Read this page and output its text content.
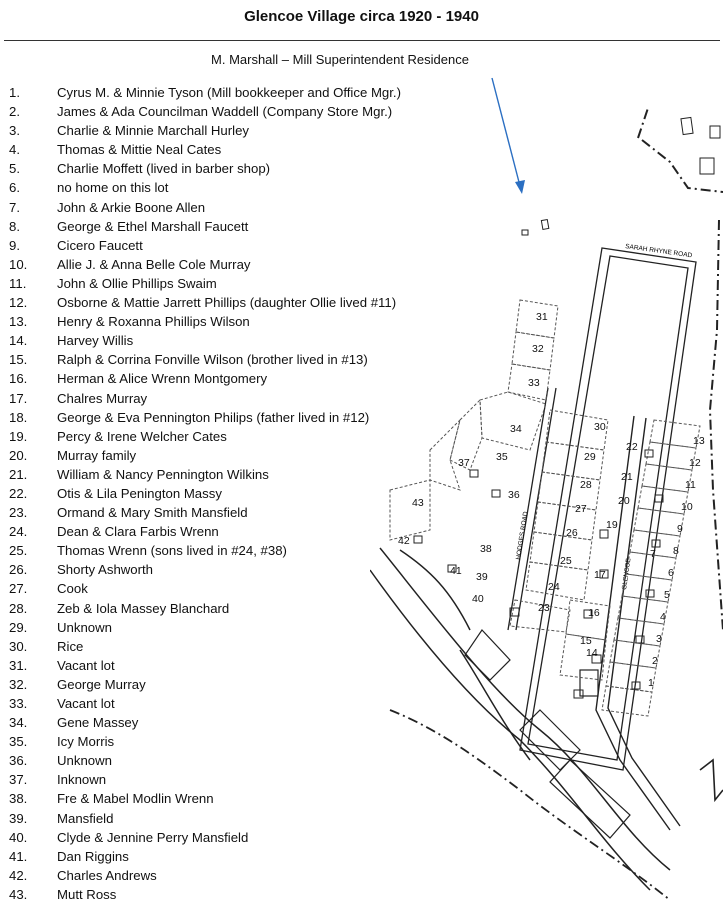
Glencoe Village circa 1920 - 1940
M. Marshall – Mill Superintendent Residence
1.	Cyrus M. & Minnie Tyson (Mill bookkeeper and Office Mgr.)
2.	James & Ada Councilman Waddell (Company Store Mgr.)
3.	Charlie & Minnie Marchall Hurley
4.	Thomas & Mittie Neal Cates
5.	Charlie Moffett (lived in barber shop)
6.	no home on this lot
7.	John & Arkie Boone Allen
8.	George & Ethel Marshall Faucett
9.	Cicero Faucett
10. Allie J. & Anna Belle Cole Murray
11. John & Ollie Phillips Swaim
12. Osborne & Mattie Jarrett Phillips (daughter Ollie lived #11)
13. Henry & Roxanna Phillips Wilson
14. Harvey Willis
15. Ralph & Corrina Fonville Wilson (brother lived in #13)
16. Herman & Alice Wrenn Montgomery
17. Chalres Murray
18. George & Eva Pennington Philips (father lived in #12)
19. Percy & Irene Welcher Cates
20. Murray family
21. William & Nancy Pennington Wilkins
22. Otis & Lila Penington Massy
23. Ormand & Mary Smith Mansfield
24. Dean & Clara Farbis Wrenn
25. Thomas Wrenn (sons lived in #24, #38)
26. Shorty Ashworth
27. Cook
28. Zeb & Iola Massey Blanchard
29. Unknown
30. Rice
31. Vacant lot
32. George Murray
33. Vacant lot
34. Gene Massey
35. Icy Morris
36. Unknown
37. Inknown
38. Fre & Mabel Modlin Wrenn
39. Mansfield
40. Clyde & Jennine Perry Mansfield
41. Dan Riggins
42. Charles Andrews
43. Mutt Ross
SARAH RHYNE ROAD
HODGES ROAD
GLENCOE
1
2
3
4
5
6
7 8
9
10
11
12
13
14
15
16
17
19
20
21
22
23
24
25
26
27
28
29
30
31
32
33
34
35
36
37
38
39
40
41
42
43
